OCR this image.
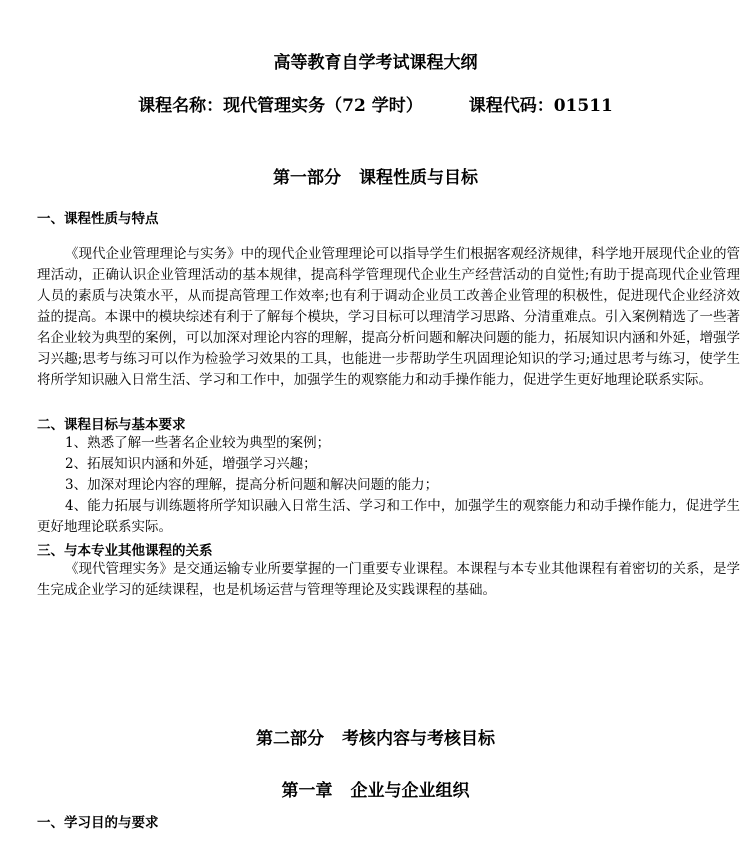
高等教育自学考试课程大纲
课程名称：现代管理实务（72 学时）	课程代码：01511
第一部分 课程性质与目标
一、课程性质与特点
《现代企业管理理论与实务》中的现代企业管理理论可以指导学生们根据客观经济规律，科学地开展现代企业的管理活动，正确认识企业管理活动的基本规律，提高科学管理现代企业生产经营活动的自觉性;有助于提高现代企业管理人员的素质与决策水平，从而提高管理工作效率;也有利于调动企业员工改善企业管理的积极性，促进现代企业经济效益的提高。本课中的模块综述有利于了解每个模块，学习目标可以理清学习思路、分清重难点。引入案例精选了一些著名企业较为典型的案例，可以加深对理论内容的理解，提高分析问题和解决问题的能力，拓展知识内涵和外延，增强学习兴趣;思考与练习可以作为检验学习效果的工具，也能进一步帮助学生巩固理论知识的学习;通过思考与练习，使学生将所学知识融入日常生活、学习和工作中，加强学生的观察能力和动手操作能力，促进学生更好地理论联系实际。
二、课程目标与基本要求

1、熟悉了解一些著名企业较为典型的案例；

2、拓展知识内涵和外延，增强学习兴趣；

3、加深对理论内容的理解，提高分析问题和解决问题的能力；

4、能力拓展与训练题将所学知识融入日常生活、学习和工作中，加强学生的观察能力和动手操作能力，促进学生更好地理论联系实际。

三、与本专业其他课程的关系
《现代管理实务》是交通运输专业所要掌握的一门重要专业课程。本课程与本专业其他课程有着密切的关系，是学生完成企业学习的延续课程，也是机场运营与管理等理论及实践课程的基础。
第二部分 考核内容与考核目标
第一章 企业与企业组织
一、学习目的与要求
